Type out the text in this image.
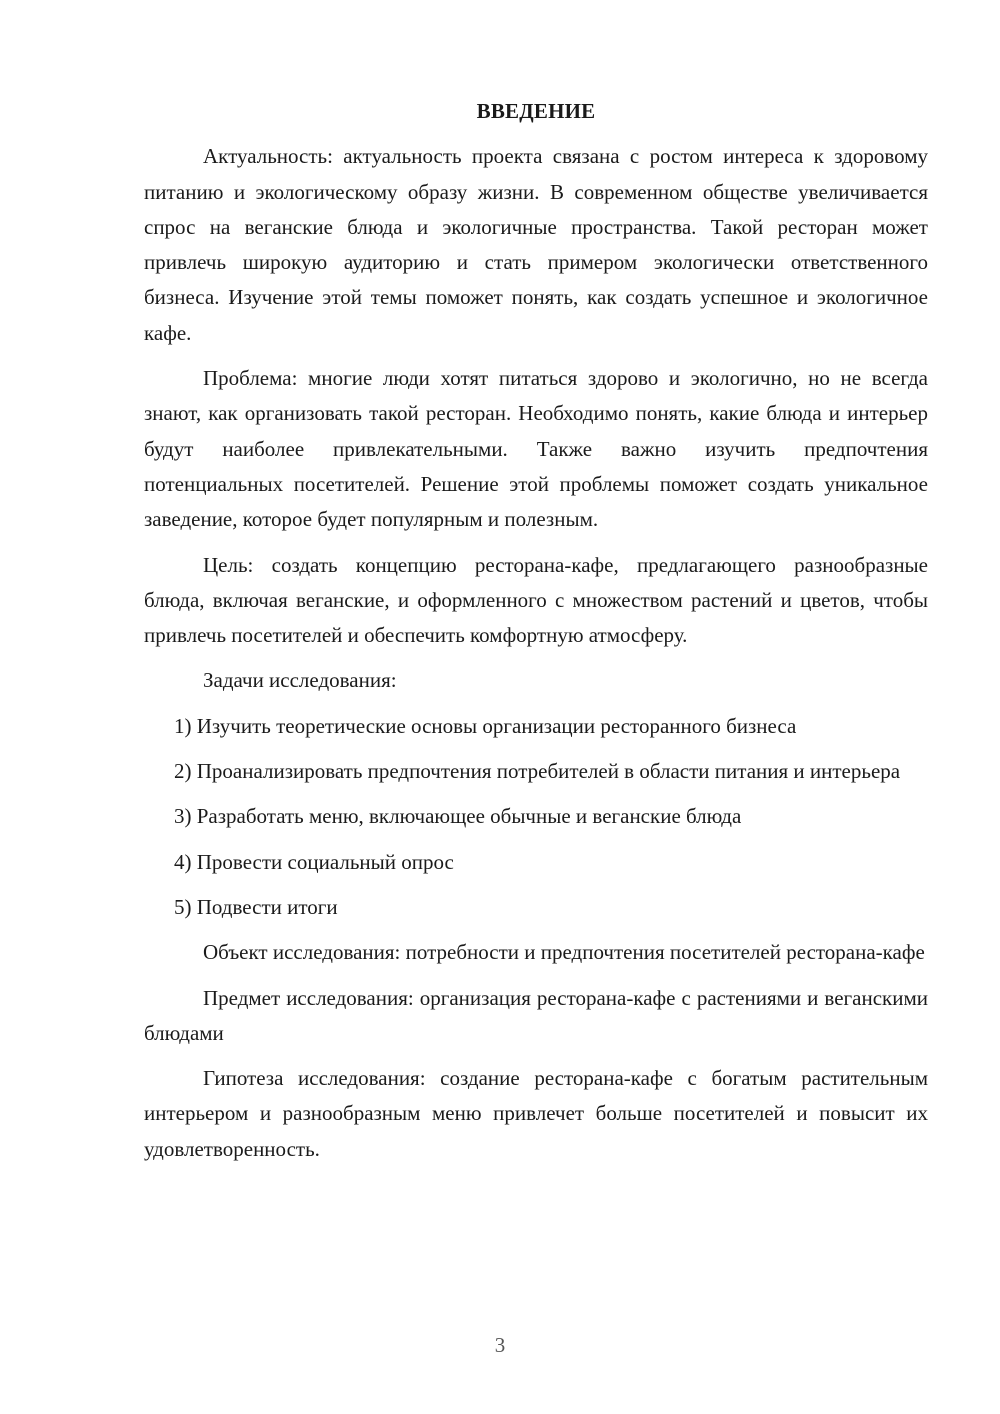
ВВЕДЕНИЕ
Актуальность: актуальность проекта связана с ростом интереса к здоровому питанию и экологическому образу жизни. В современном обществе увеличивается спрос на веганские блюда и экологичные пространства. Такой ресторан может привлечь широкую аудиторию и стать примером экологически ответственного бизнеса. Изучение этой темы поможет понять, как создать успешное и экологичное кафе.
Проблема: многие люди хотят питаться здорово и экологично, но не всегда знают, как организовать такой ресторан. Необходимо понять, какие блюда и интерьер будут наиболее привлекательными. Также важно изучить предпочтения потенциальных посетителей. Решение этой проблемы поможет создать уникальное заведение, которое будет популярным и полезным.
Цель: создать концепцию ресторана-кафе, предлагающего разнообразные блюда, включая веганские, и оформленного с множеством растений и цветов, чтобы привлечь посетителей и обеспечить комфортную атмосферу.
Задачи исследования:
1) Изучить теоретические основы организации ресторанного бизнеса
2) Проанализировать предпочтения потребителей в области питания и интерьера
3) Разработать меню, включающее обычные и веганские блюда
4) Провести социальный опрос
5) Подвести итоги
Объект исследования: потребности и предпочтения посетителей ресторана-кафе
Предмет исследования: организация ресторана-кафе с растениями и веганскими блюдами
Гипотеза исследования: создание ресторана-кафе с богатым растительным интерьером и разнообразным меню привлечет больше посетителей и повысит их удовлетворенность.
3
